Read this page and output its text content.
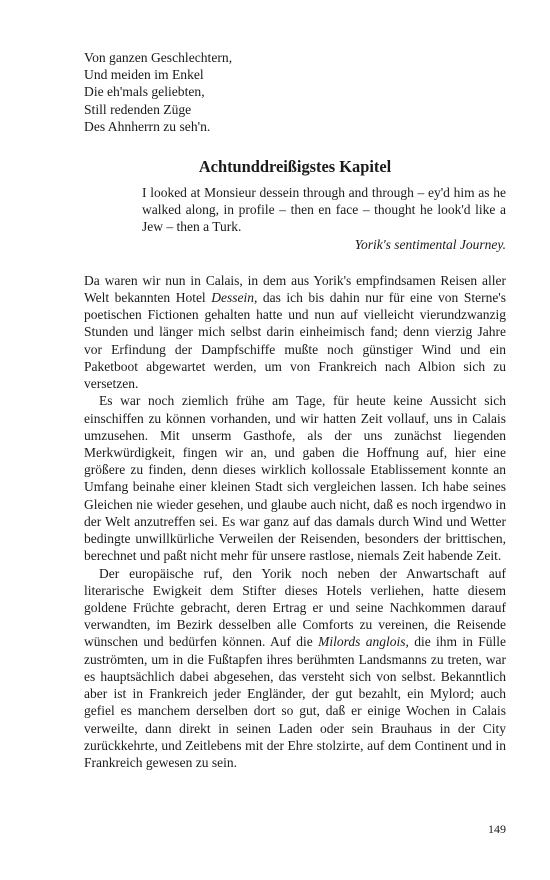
Von ganzen Geschlechtern,
Und meiden im Enkel
Die eh'mals geliebten,
Still redenden Züge
Des Ahnherrn zu seh'n.
Achtunddreißigstes Kapitel

I looked at Monsieur dessein through and through – ey'd him as he walked along, in profile – then en face – thought he look'd like a Jew – then a Turk.

Yorik's sentimental Journey.

Da waren wir nun in Calais, in dem aus Yorik's empfindsamen Reisen aller Welt bekannten Hotel Dessein, das ich bis dahin nur für eine von Sterne's poetischen Fictionen gehalten hatte und nun auf vielleicht vierundzwanzig Stunden und länger mich selbst darin einheimisch fand; denn vierzig Jahre vor Erfindung der Dampfschiffe mußte noch günstiger Wind und ein Paketboot abgewartet werden, um von Frankreich nach Albion sich zu versetzen.

Es war noch ziemlich frühe am Tage, für heute keine Aussicht sich einschiffen zu können vorhanden, und wir hatten Zeit vollauf, uns in Calais umzusehen. Mit unserm Gasthofe, als der uns zunächst liegenden Merkwürdigkeit, fingen wir an, und gaben die Hoffnung auf, hier eine größere zu finden, denn dieses wirklich kollossale Etablissement konnte an Umfang beinahe einer kleinen Stadt sich vergleichen lassen. Ich habe seines Gleichen nie wieder gesehen, und glaube auch nicht, daß es noch irgendwo in der Welt anzutreffen sei. Es war ganz auf das damals durch Wind und Wetter bedingte unwillkürliche Verweilen der Reisenden, besonders der brittischen, berechnet und paßt nicht mehr für unsere rastlose, niemals Zeit habende Zeit.

Der europäische ruf, den Yorik noch neben der Anwartschaft auf literarische Ewigkeit dem Stifter dieses Hotels verliehen, hatte diesem goldene Früchte gebracht, deren Ertrag er und seine Nachkommen darauf verwandten, im Bezirk desselben alle Comforts zu vereinen, die Reisende wünschen und bedürfen können. Auf die Milords anglois, die ihm in Fülle zuströmten, um in die Fußtapfen ihres berühmten Landsmanns zu treten, war es hauptsächlich dabei abgesehen, das versteht sich von selbst. Bekanntlich aber ist in Frankreich jeder Engländer, der gut bezahlt, ein Mylord; auch gefiel es manchem derselben dort so gut, daß er einige Wochen in Calais verweilte, dann direkt in seinen Laden oder sein Brauhaus in der City zurückkehrte, und Zeitlebens mit der Ehre stolzirte, auf dem Continent und in Frankreich gewesen zu sein.

149
